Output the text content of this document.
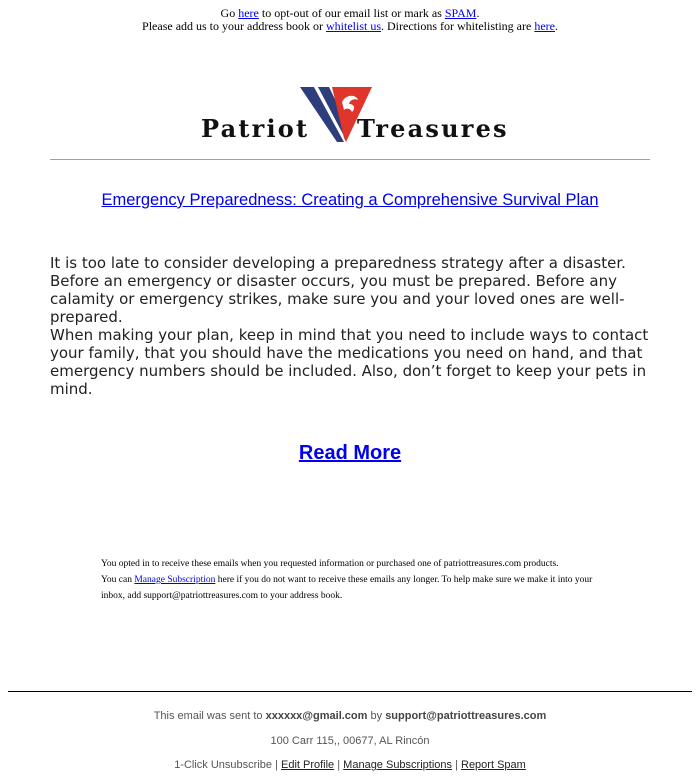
Go here to opt-out of our email list or mark as SPAM.
Please add us to your address book or whitelist us. Directions for whitelisting are here.
Patriot Treasures
Emergency Preparedness: Creating a Comprehensive Survival Plan

It is too late to consider developing a preparedness strategy after a disaster. Before an emergency or disaster occurs, you must be prepared. Before any calamity or emergency strikes, make sure you and your loved ones are well-prepared.

When making your plan, keep in mind that you need to include ways to contact your family, that you should have the medications you need on hand, and that emergency numbers should be included. Also, don’t forget to keep your pets in mind.

Read More

You opted in to receive these emails when you requested information or purchased one of patriottreasures.com products.

You can Manage Subscription here if you do not want to receive these emails any longer. To help make sure we make it into your inbox, add support@patriottreasures.com to your address book.

This email was sent to xxxxxx@gmail.com by support@patriottreasures.com
100 Carr 115,, 00677, AL Rincón
1-Click Unsubscribe | Edit Profile | Manage Subscriptions | Report Spam
